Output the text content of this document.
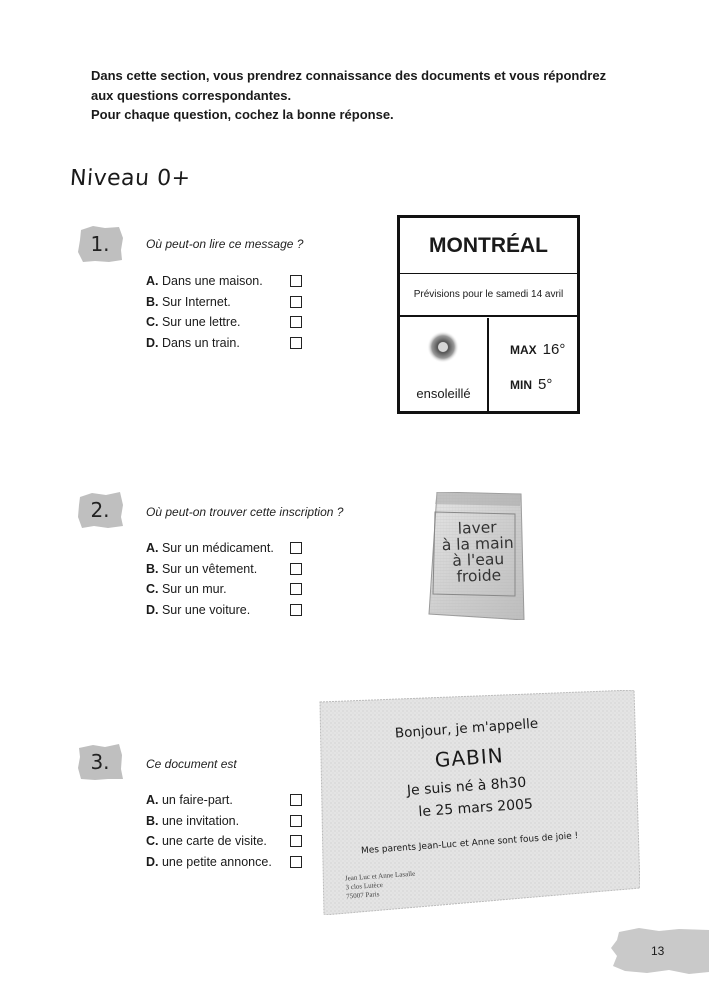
Dans cette section, vous prendrez connaissance des documents et vous répondrez
aux questions correspondantes.
Pour chaque question, cochez la bonne réponse.
Niveau 0+
1.	Où peut-on lire ce message ?
A. Dans une maison.
B. Sur Internet.
C. Sur une lettre.
D. Dans un train.
MONTRÉAL
Prévisions pour le samedi 14 avril
ensoleillé
MAX 16°
MIN 5°
2.	Où peut-on trouver cette inscription ?
A. Sur un médicament.
B. Sur un vêtement.
C. Sur un mur.
D. Sur une voiture.
laver
à la main
à l'eau
froide
3.	Ce document est
A. un faire-part.
B. une invitation.
C. une carte de visite.
D. une petite annonce.
Bonjour, je m'appelle
GABIN
Je suis né à 8h30
le 25 mars 2005
Mes parents Jean-Luc et Anne sont fous de joie !
Jean Luc et Anne Lasalle
3 clos Lutèce
75007 Paris
13
